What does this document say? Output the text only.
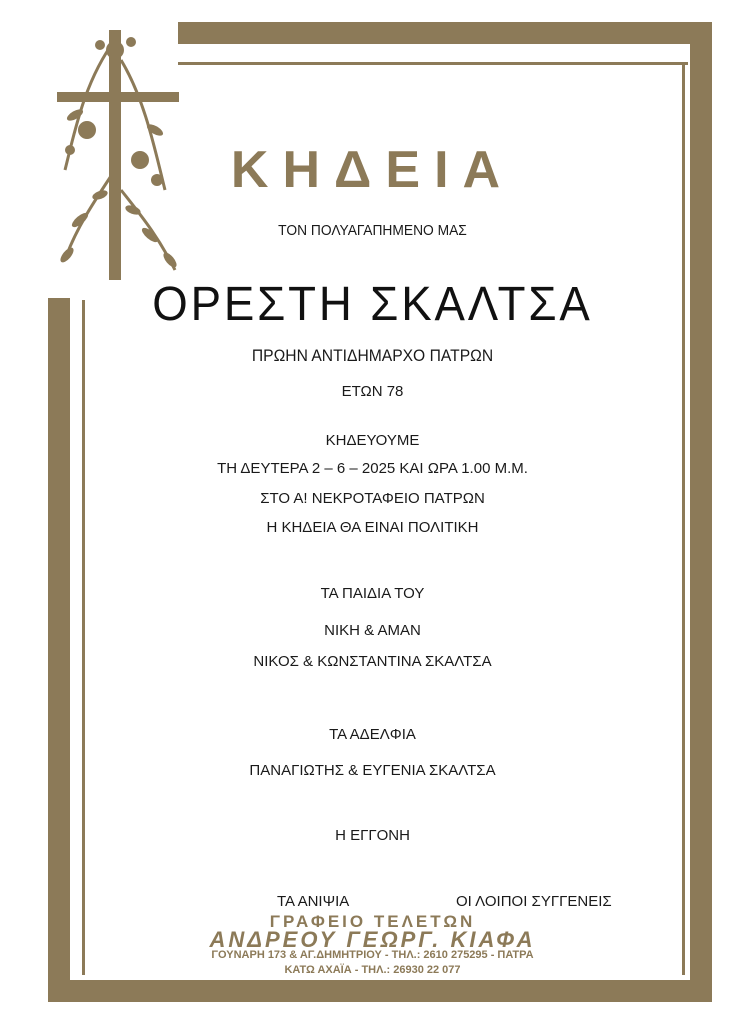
ΚΗΔΕΙΑ
ΤΟΝ ΠΟΛΥΑΓΑΠΗΜΕΝΟ ΜΑΣ
ΟΡΕΣΤΗ ΣΚΑΛΤΣΑ
ΠΡΩΗΝ ΑΝΤΙΔΗΜΑΡΧΟ ΠΑΤΡΩΝ
ΕΤΩΝ 78
ΚΗΔΕΥΟΥΜΕ
ΤΗ ΔΕΥΤΕΡΑ 2 – 6 – 2025 ΚΑΙ ΩΡΑ 1.00 Μ.Μ.
ΣΤΟ Α! ΝΕΚΡΟΤΑΦΕΙΟ ΠΑΤΡΩΝ
Η ΚΗΔΕΙΑ ΘΑ ΕΙΝΑΙ ΠΟΛΙΤΙΚΗ
ΤΑ ΠΑΙΔΙΑ ΤΟΥ
ΝΙΚΗ & ΑΜΑΝ
ΝΙΚΟΣ & ΚΩΝΣΤΑΝΤΙΝΑ ΣΚΑΛΤΣΑ
ΤΑ ΑΔΕΛΦΙΑ
ΠΑΝΑΓΙΩΤΗΣ & ΕΥΓΕΝΙΑ ΣΚΑΛΤΣΑ
Η ΕΓΓΟΝΗ
ΤΑ ΑΝΙΨΙΑ	ΟΙ ΛΟΙΠΟΙ ΣΥΓΓΕΝΕΙΣ
ΓΡΑΦΕΙΟ ΤΕΛΕΤΩΝ
ΑΝΔΡΕΟΥ ΓΕΩΡΓ. ΚΙΑΦΑ
ΓΟΥΝΑΡΗ 173 & ΑΓ.ΔΗΜΗΤΡΙΟΥ - ΤΗΛ.: 2610 275295 - ΠΑΤΡΑ
ΚΑΤΩ ΑΧΑΪΑ - ΤΗΛ.: 26930 22 077
